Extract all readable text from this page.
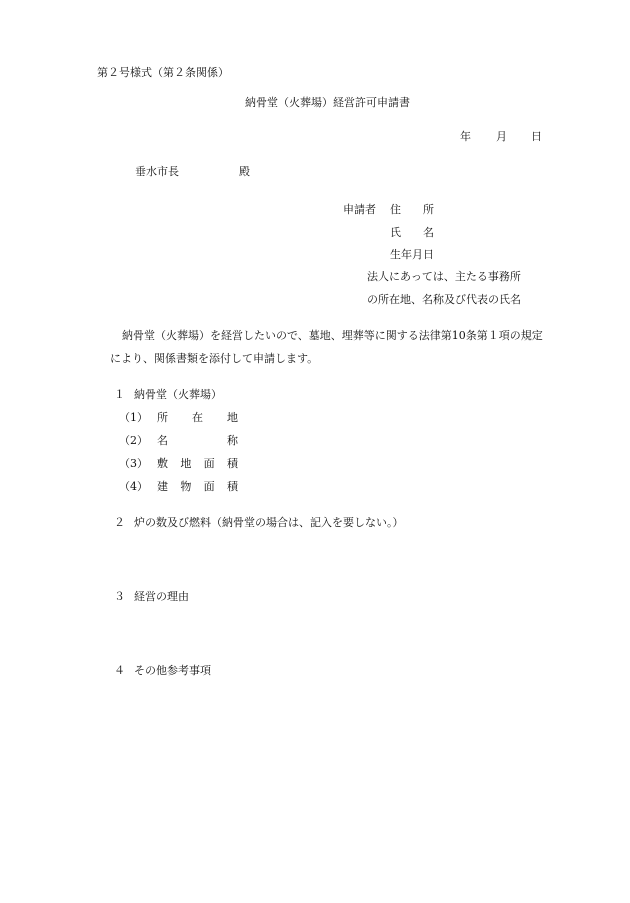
第２号様式（第２条関係）
納骨堂（火葬場）経営許可申請書
年 月 日
垂水市長	殿
申請者 住　　所
氏　　名
生年月日
法人にあっては、主たる事務所
の所在地、名称及び代表の氏名
納骨堂（火葬場）を経営したいので、墓地、埋葬等に関する法律第10条第１項の規定
により、関係書類を添付して申請します。
１ 納骨堂（火葬場）
（1） 所 在 地
（2） 名	称
（3） 敷 地 面 積
（4） 建 物 面 積
２ 炉の数及び燃料（納骨堂の場合は、記入を要しない。）
３ 経営の理由
４ その他参考事項
